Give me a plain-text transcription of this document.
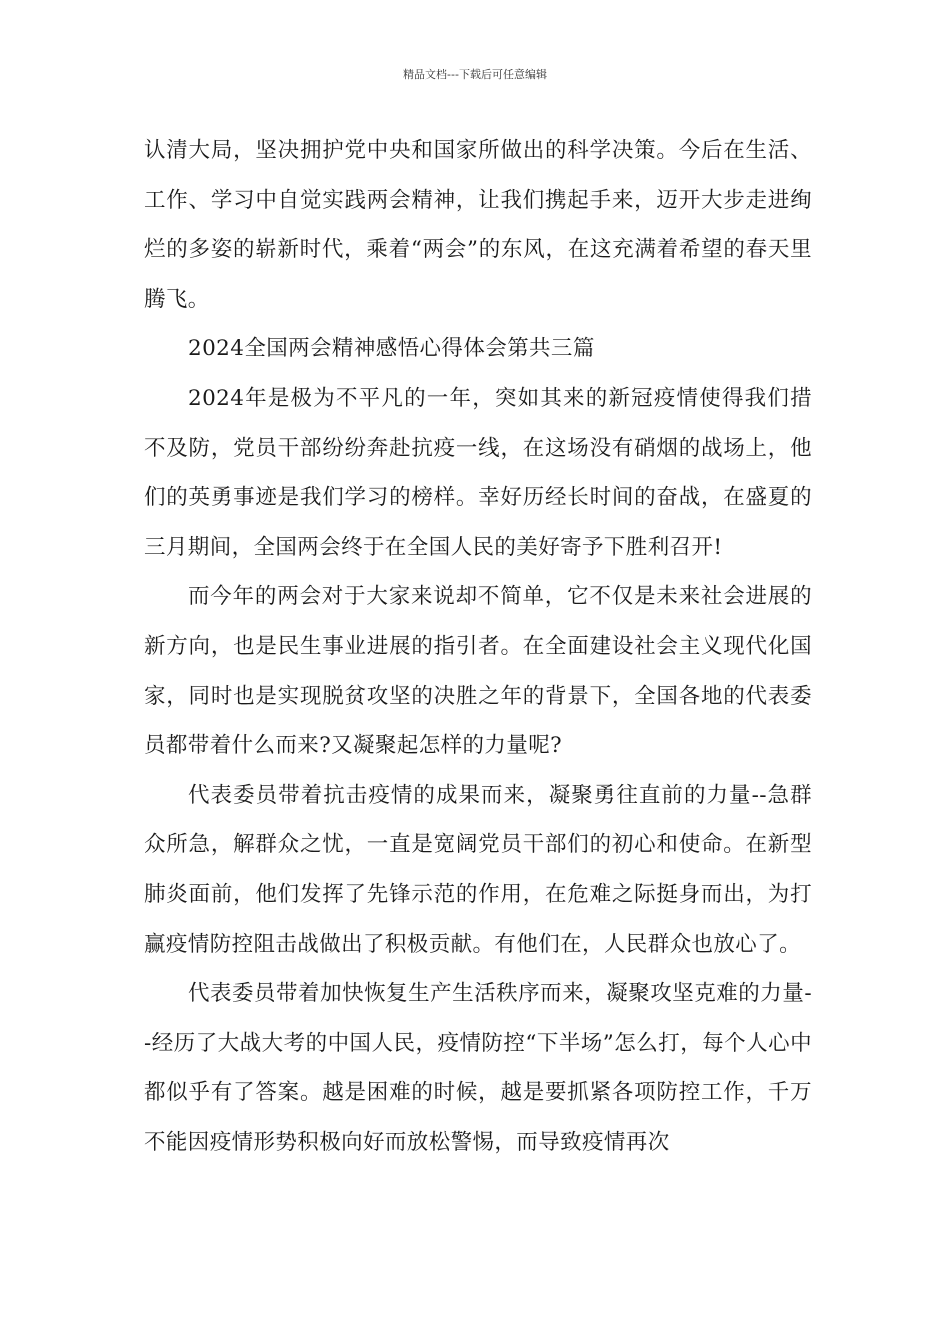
精品文档---下载后可任意编辑

认清大局，坚决拥护党中央和国家所做出的科学决策。今后在生活、工作、学习中自觉实践两会精神，让我们携起手来，迈开大步走进绚烂的多姿的崭新时代，乘着“两会”的东风，在这充满着希望的春天里腾飞。

2024全国两会精神感悟心得体会第共三篇

2024年是极为不平凡的一年，突如其来的新冠疫情使得我们措不及防，党员干部纷纷奔赴抗疫一线，在这场没有硝烟的战场上，他们的英勇事迹是我们学习的榜样。幸好历经长时间的奋战，在盛夏的三月期间，全国两会终于在全国人民的美好寄予下胜利召开!

而今年的两会对于大家来说却不简单，它不仅是未来社会进展的新方向，也是民生事业进展的指引者。在全面建设社会主义现代化国家，同时也是实现脱贫攻坚的决胜之年的背景下，全国各地的代表委员都带着什么而来?又凝聚起怎样的力量呢?

代表委员带着抗击疫情的成果而来，凝聚勇往直前的力量--急群众所急，解群众之忧，一直是宽阔党员干部们的初心和使命。在新型肺炎面前，他们发挥了先锋示范的作用，在危难之际挺身而出，为打赢疫情防控阻击战做出了积极贡献。有他们在，人民群众也放心了。

代表委员带着加快恢复生产生活秩序而来，凝聚攻坚克难的力量--经历了大战大考的中国人民，疫情防控“下半场”怎么打，每个人心中都似乎有了答案。越是困难的时候，越是要抓紧各项防控工作，千万不能因疫情形势积极向好而放松警惕，而导致疫情再次
